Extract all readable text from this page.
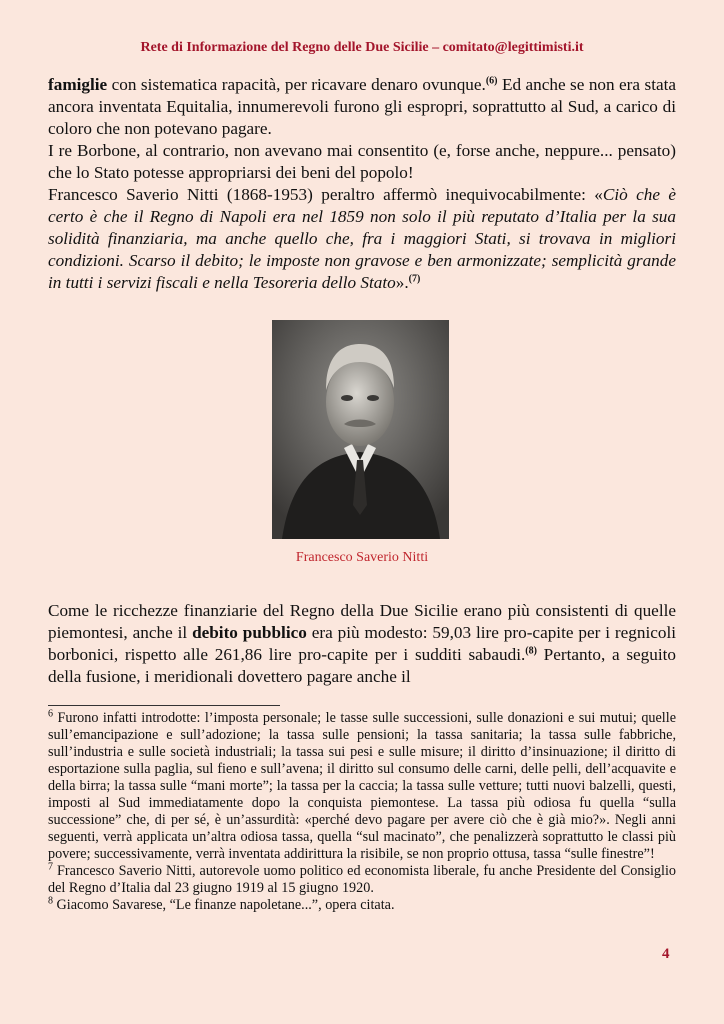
Rete di Informazione del Regno delle Due Sicilie – comitato@legittimisti.it

famiglie con sistematica rapacità, per ricavare denaro ovunque.$^{(6)}$ Ed anche se non era stata ancora inventata Equitalia, innumerevoli furono gli espropri, soprattutto al Sud, a carico di coloro che non potevano pagare.

I re Borbone, al contrario, non avevano mai consentito (e, forse anche, neppure... pensato) che lo Stato potesse appropriarsi dei beni del popolo!

Francesco Saverio Nitti (1868-1953) peraltro affermò inequivocabilmente: «Ciò che è certo è che il Regno di Napoli era nel 1859 non solo il più reputato d’Italia per la sua solidità finanziaria, ma anche quello che, fra i maggiori Stati, si trovava in migliori condizioni. Scarso il debito; le imposte non gravose e ben armonizzate; semplicità grande in tutti i servizi fiscali e nella Tesoreria dello Stato».$^{(7)}$

Francesco Saverio Nitti

Come le ricchezze finanziarie del Regno della Due Sicilie erano più consistenti di quelle piemontesi, anche il debito pubblico era più modesto: 59,03 lire pro-capite per i regnicoli borbonici, rispetto alle 261,86 lire pro-capite per i sudditi sabaudi.$^{(8)}$ Pertanto, a seguito della fusione, i meridionali dovettero pagare anche il

$^6$ Furono infatti introdotte: l’imposta personale; le tasse sulle successioni, sulle donazioni e sui mutui; quelle sull’emancipazione e sull’adozione; la tassa sulle pensioni; la tassa sanitaria; la tassa sulle fabbriche, sull’industria e sulle società industriali; la tassa sui pesi e sulle misure; il diritto d’insinuazione; il diritto di esportazione sulla paglia, sul fieno e sull’avena; il diritto sul consumo delle carni, delle pelli, dell’acquavite e della birra; la tassa sulle “mani morte”; la tassa per la caccia; la tassa sulle vetture; tutti nuovi balzelli, questi, imposti al Sud immediatamente dopo la conquista piemontese. La tassa più odiosa fu quella “sulla successione” che, di per sé, è un’assurdità: «perché devo pagare per avere ciò che è già mio?». Negli anni seguenti, verrà applicata un’altra odiosa tassa, quella “sul macinato”, che penalizzerà soprattutto le classi più povere; successivamente, verrà inventata addirittura la risibile, se non proprio ottusa, tassa “sulle finestre”!

$^7$ Francesco Saverio Nitti, autorevole uomo politico ed economista liberale, fu anche Presidente del Consiglio del Regno d’Italia dal 23 giugno 1919 al 15 giugno 1920.

$^8$ Giacomo Savarese, “Le finanze napoletane...”, opera citata.

4
